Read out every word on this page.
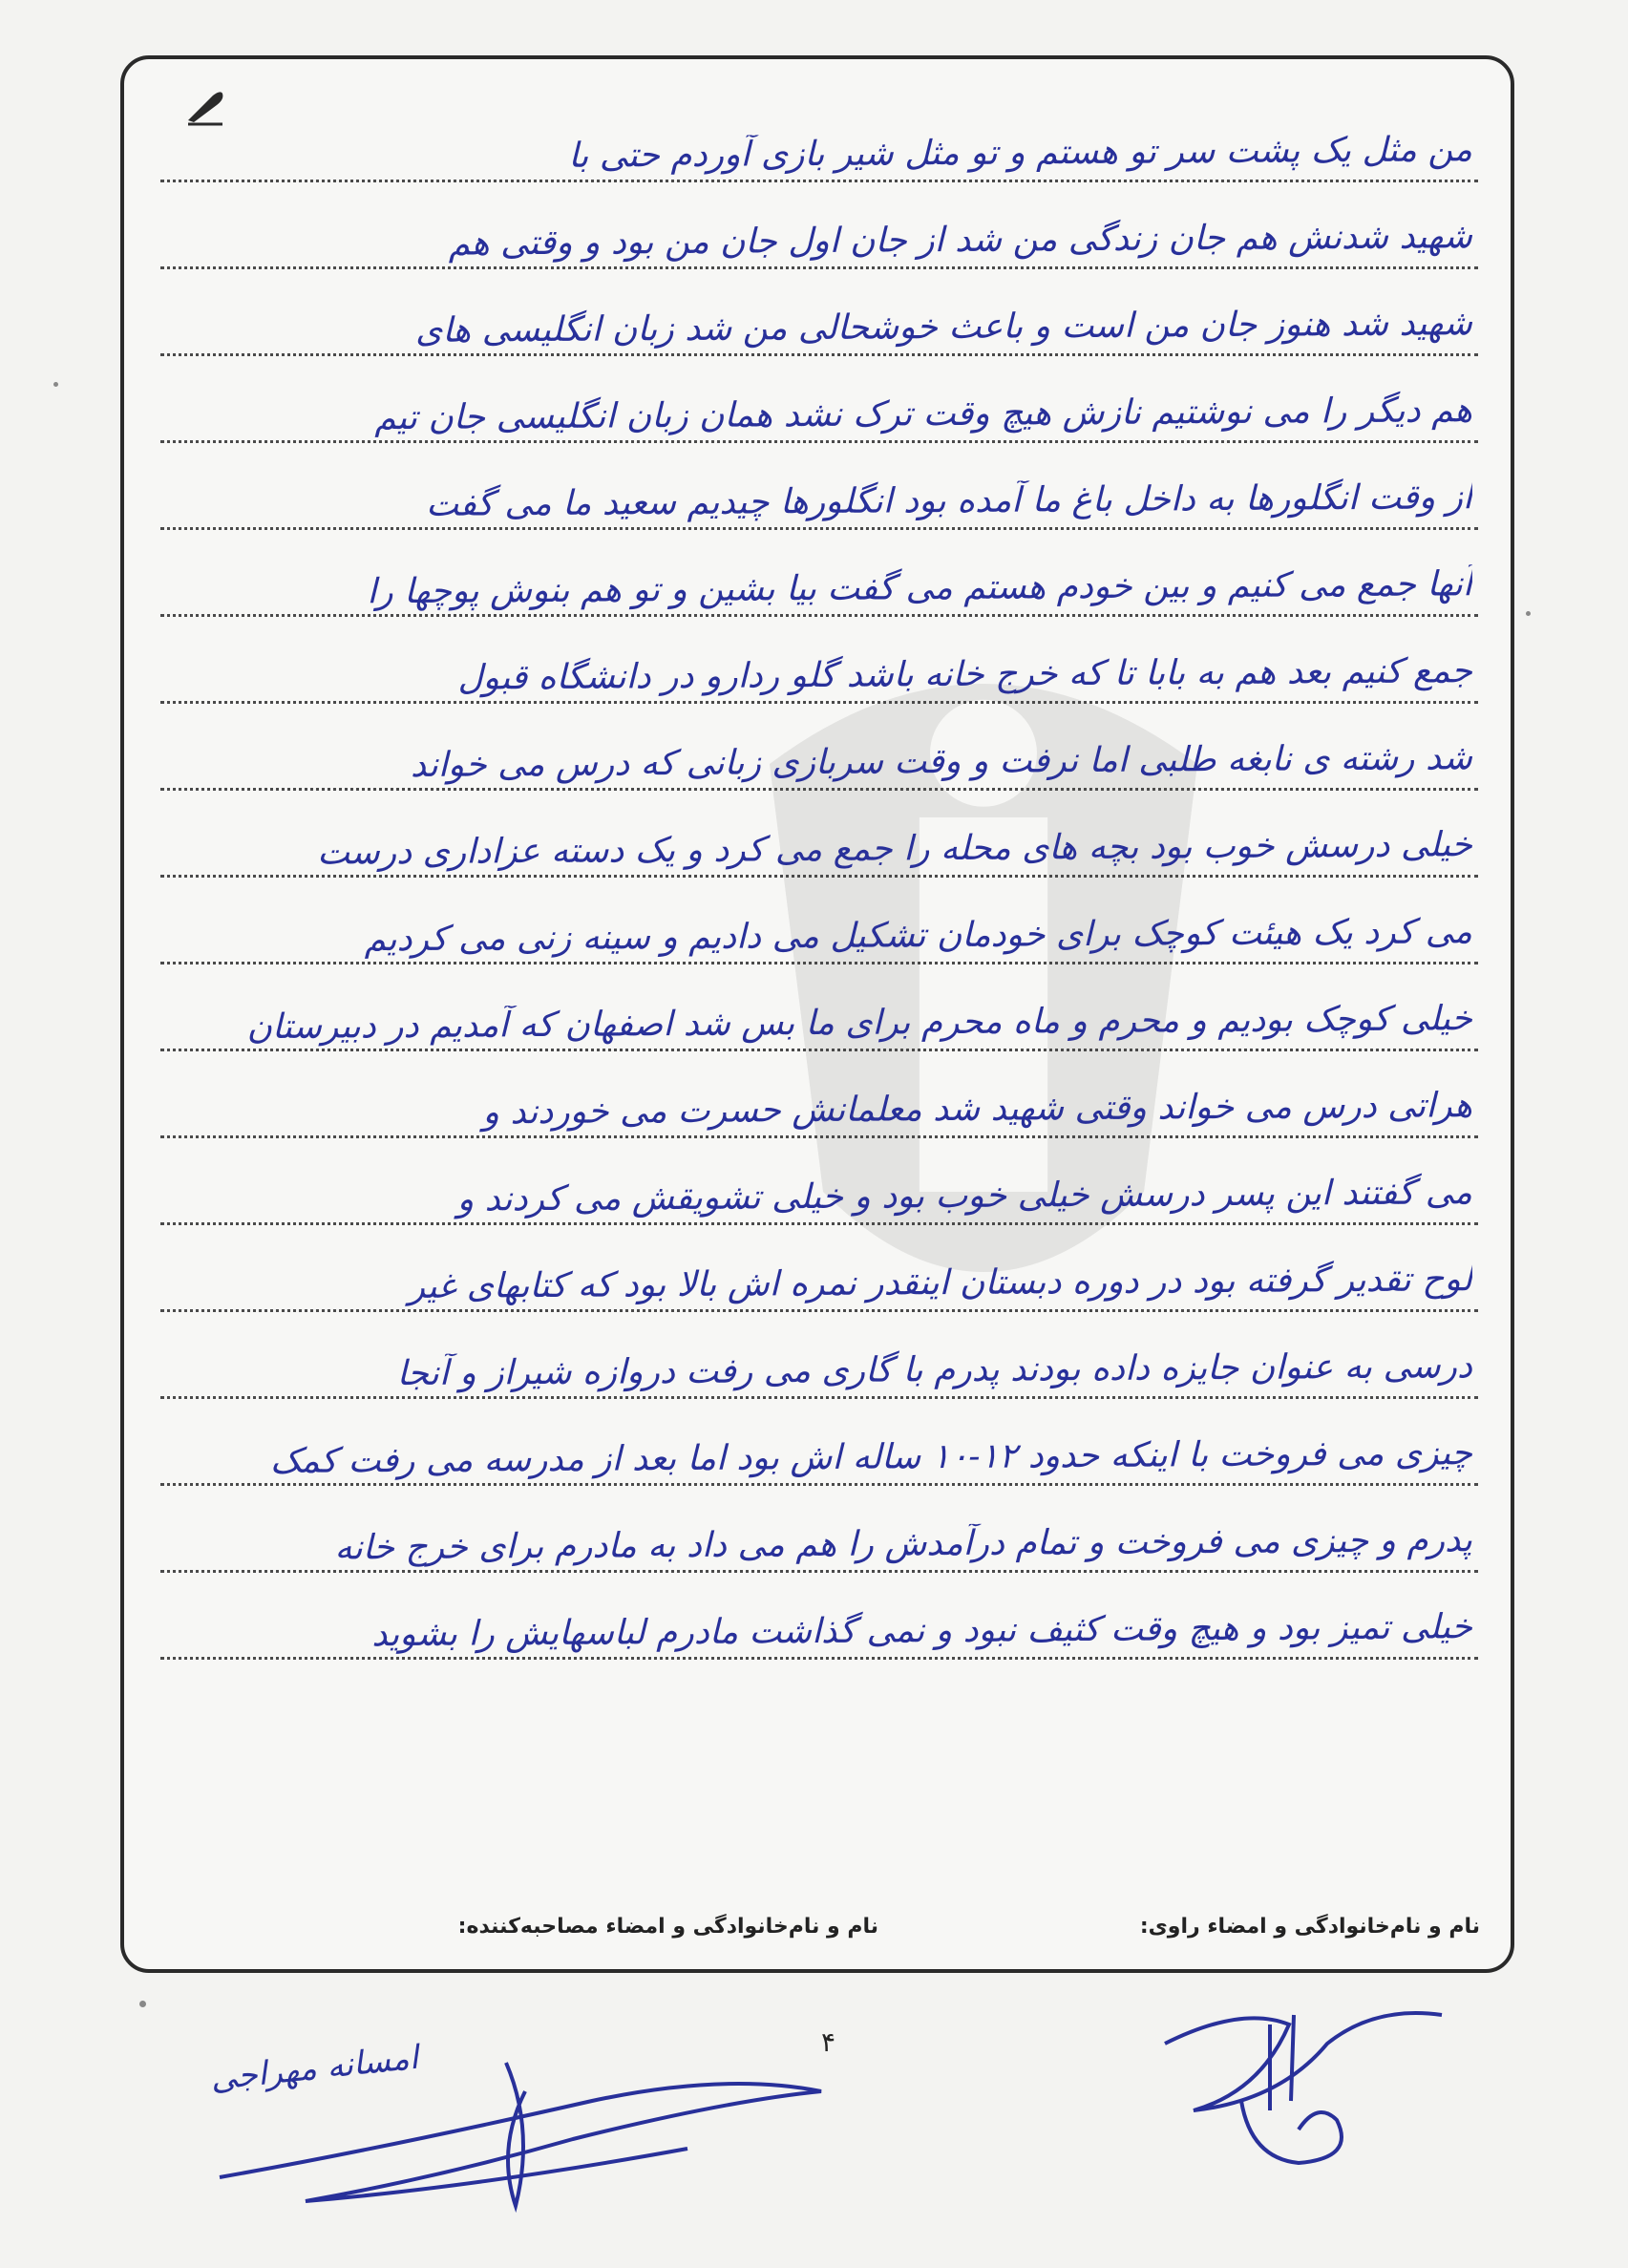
من مثل یک پشت سر تو هستم و تو مثل شیر بازی آوردم حتی با
شهید شدنش هم جان زندگی من شد از جان اول جان من بود و وقتی هم
شهید شد هنوز جان من است و باعث خوشحالی من شد زبان انگلیسی های
هم دیگر را می نوشتیم نازش هیچ وقت ترک نشد همان زبان انگلیسی جان تیم
از وقت انگلورها به داخل باغ ما آمده بود انگلورها چیدیم سعید ما می گفت
آنها جمع می کنیم و بین خودم هستم می گفت بیا بشین و تو هم بنوش پوچها را
جمع کنیم بعد هم به بابا تا که خرج خانه باشد گلو ردارو در دانشگاه قبول
شد رشته ی نابغه طلبی اما نرفت و وقت سربازی زبانی که درس می خواند
خیلی درسش خوب بود بچه های محله را جمع می کرد و یک دسته عزاداری درست
می کرد یک هیئت کوچک برای خودمان تشکیل می دادیم و سینه زنی می کردیم
خیلی کوچک بودیم و محرم و ماه محرم برای ما بس شد اصفهان که آمدیم در دبیرستان
هراتی درس می خواند وقتی شهید شد معلمانش حسرت می خوردند و
می گفتند این پسر درسش خیلی خوب بود و خیلی تشویقش می کردند و
لوح تقدیر گرفته بود در دوره دبستان اینقدر نمره اش بالا بود که کتابهای غیر
درسی به عنوان جایزه داده بودند پدرم با گاری می رفت دروازه شیراز و آنجا
چیزی می فروخت با اینکه حدود ۱۲-۱۰ ساله اش بود اما بعد از مدرسه می رفت کمک
پدرم و چیزی می فروخت و تمام درآمدش را هم می داد به مادرم برای خرج خانه
خیلی تمیز بود و هیچ وقت کثیف نبود و نمی گذاشت مادرم لباسهایش را بشوید
نام و نام‌خانوادگی و امضاء راوی:
نام و نام‌خانوادگی و امضاء مصاحبه‌کننده:
۴
امسانه مهراجی
